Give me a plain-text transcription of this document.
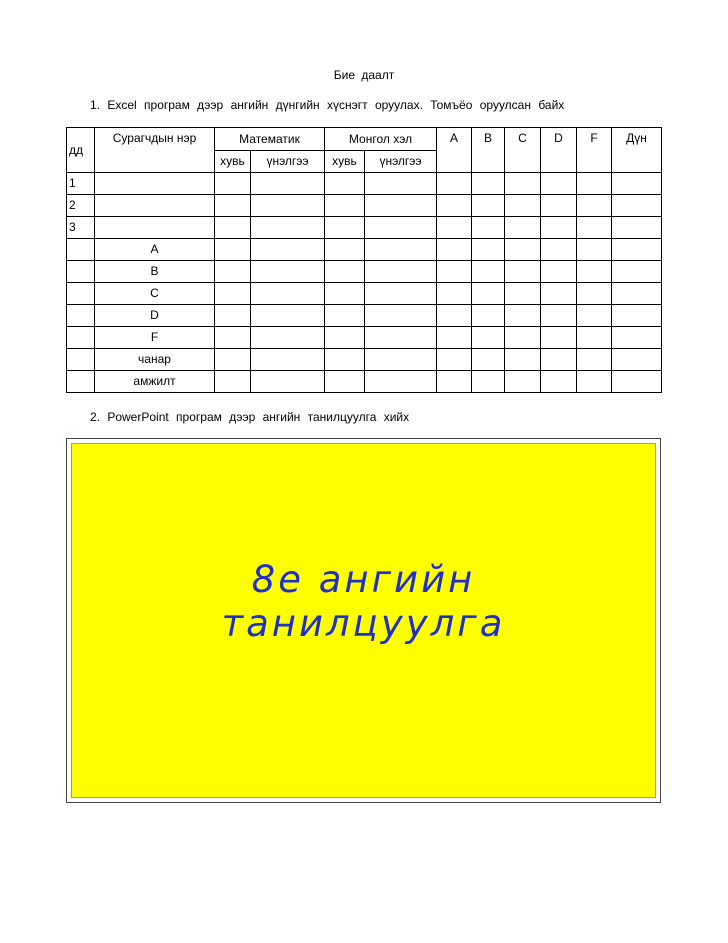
Бие даалт
1. Excel програм дээр ангийн дүнгийн хүснэгт оруулах. Томъёо оруулсан байх
дд	Сурагчдын нэр	Математик		Монгол хэл		A	B	C	D	F	Дүн
		хувь	үнэлгээ	хувь	үнэлгээ						
1											
2											
3											
	A										
	B										
	C										
	D										
	F										
	чанар										
	амжилт										
2. PowerPoint програм дээр ангийн танилцуулга хийх
8е ангийн
танилцуулга
